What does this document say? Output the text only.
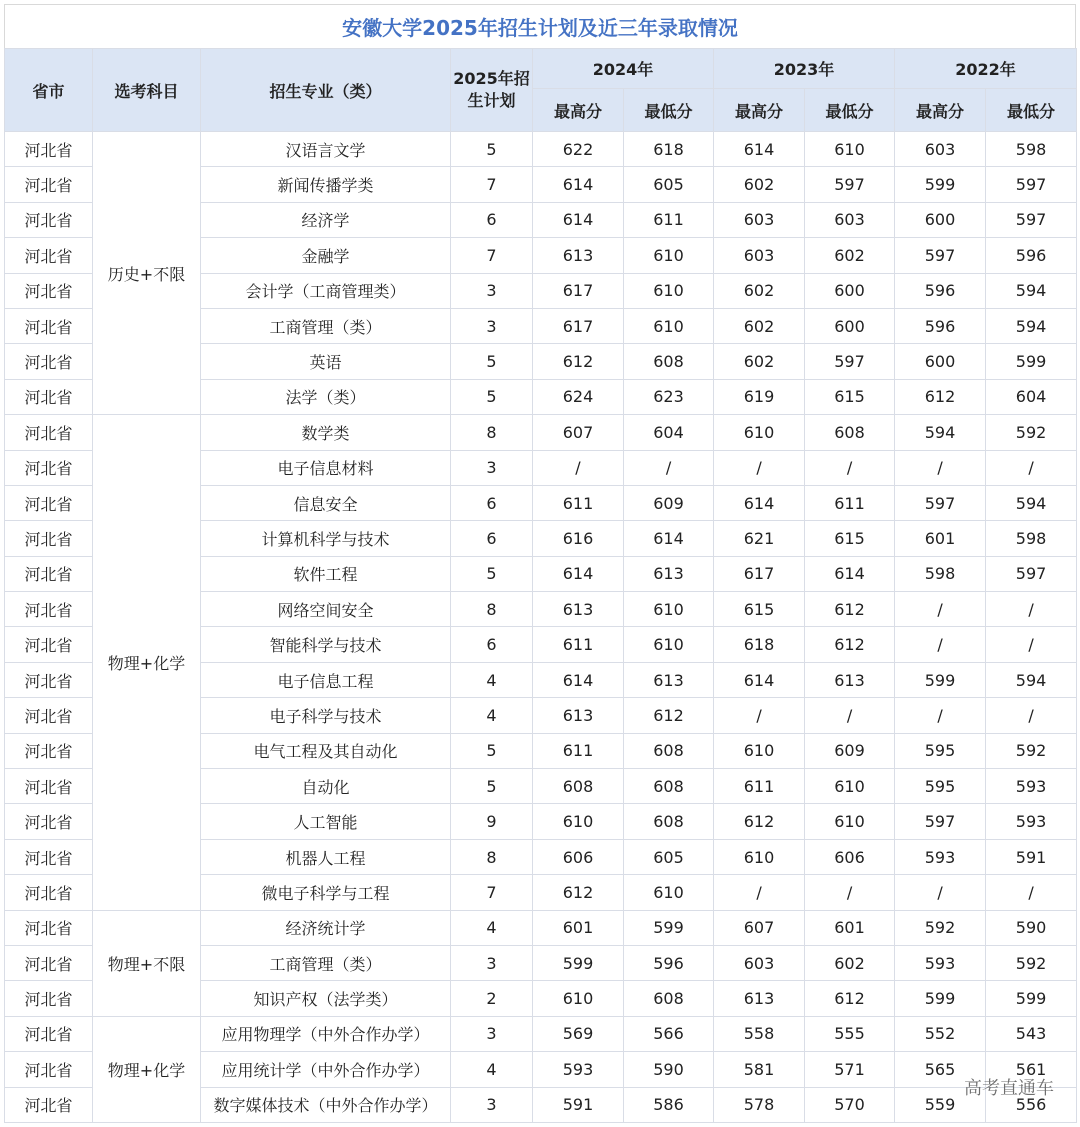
安徽大学2025年招生计划及近三年录取情况
省市	选考科目	招生专业（类）	2025年招生计划	2024年		2023年		2022年	
				最高分	最低分	最高分	最低分	最高分	最低分
河北省	历史+不限	汉语言文学	5	622	618	614	610	603	598
河北省		新闻传播学类	7	614	605	602	597	599	597
河北省		经济学	6	614	611	603	603	600	597
河北省		金融学	7	613	610	603	602	597	596
河北省		会计学（工商管理类）	3	617	610	602	600	596	594
河北省		工商管理（类）	3	617	610	602	600	596	594
河北省		英语	5	612	608	602	597	600	599
河北省		法学（类）	5	624	623	619	615	612	604
河北省	物理+化学	数学类	8	607	604	610	608	594	592
河北省		电子信息材料	3	/	/	/	/	/	/
河北省		信息安全	6	611	609	614	611	597	594
河北省		计算机科学与技术	6	616	614	621	615	601	598
河北省		软件工程	5	614	613	617	614	598	597
河北省		网络空间安全	8	613	610	615	612	/	/
河北省		智能科学与技术	6	611	610	618	612	/	/
河北省		电子信息工程	4	614	613	614	613	599	594
河北省		电子科学与技术	4	613	612	/	/	/	/
河北省		电气工程及其自动化	5	611	608	610	609	595	592
河北省		自动化	5	608	608	611	610	595	593
河北省		人工智能	9	610	608	612	610	597	593
河北省		机器人工程	8	606	605	610	606	593	591
河北省		微电子科学与工程	7	612	610	/	/	/	/
河北省	物理+不限	经济统计学	4	601	599	607	601	592	590
河北省		工商管理（类）	3	599	596	603	602	593	592
河北省		知识产权（法学类）	2	610	608	613	612	599	599
河北省	物理+化学	应用物理学（中外合作办学）	3	569	566	558	555	552	543
河北省		应用统计学（中外合作办学）	4	593	590	581	571	565	561
河北省		数字媒体技术（中外合作办学）	3	591	586	578	570	559	556
高考直通车
